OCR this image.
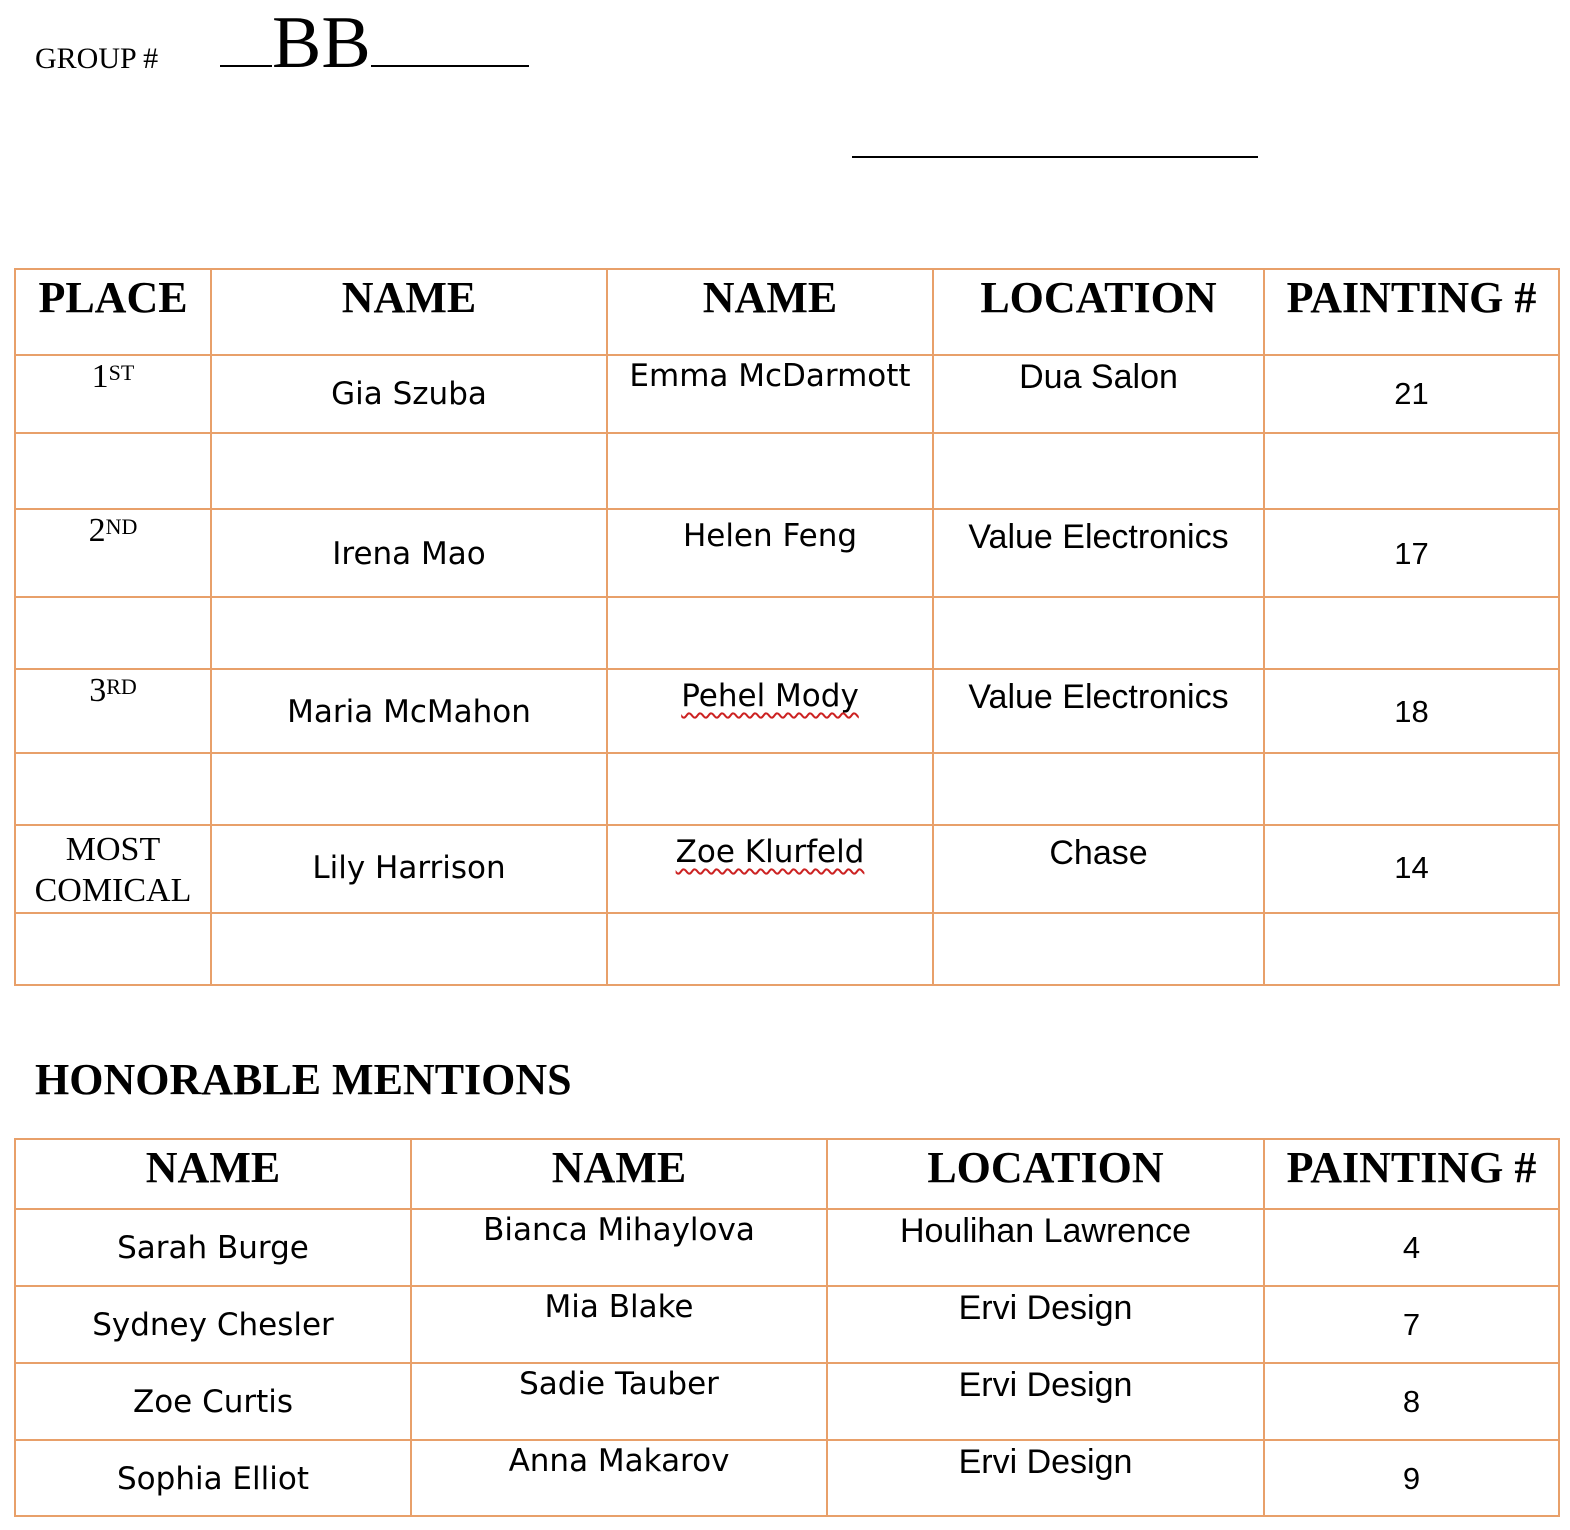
GROUP #	BB
PLACE	NAME	NAME	LOCATION	PAINTING #
1ST	Gia Szuba	Emma McDarmott	Dua Salon	21

2ND	Irena Mao	Helen Feng	Value Electronics	17

3RD	Maria McMahon	Pehel Mody	Value Electronics	18

MOST
COMICAL	Lily Harrison	Zoe Klurfeld	Chase	14

HONORABLE MENTIONS
NAME	NAME	LOCATION	PAINTING #
Sarah Burge	Bianca Mihaylova	Houlihan Lawrence	4
Sydney Chesler	Mia Blake	Ervi Design	7
Zoe Curtis	Sadie Tauber	Ervi Design	8
Sophia Elliot	Anna Makarov	Ervi Design	9
